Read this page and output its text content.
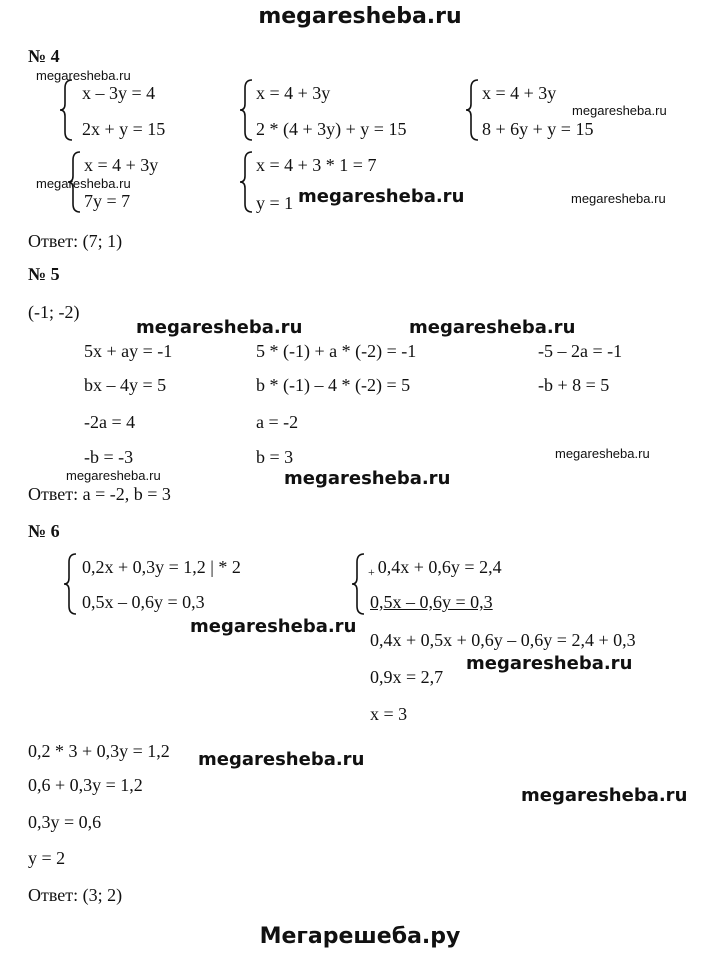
megaresheba.ru
№ 4
x – 3y = 4
2x + y = 15
x = 4 + 3y
2 * (4 + 3y) + y = 15
x = 4 + 3y
8 + 6y + y = 15
x = 4 + 3y
7y = 7
x = 4 + 3 * 1 = 7
y = 1
Ответ: (7; 1)
№ 5
(-1; -2)
5x + ay = -1
bx – 4y = 5
-2a = 4
-b = -3
5 * (-1) + a * (-2) = -1
b * (-1) – 4 * (-2) = 5
a = -2
b = 3
-5 – 2a = -1
-b + 8 = 5
Ответ: a = -2, b = 3
№ 6
0,2x + 0,3y = 1,2 | * 2
0,5x – 0,6y = 0,3
+ 0,4x + 0,6y = 2,4
0,5x – 0,6y = 0,3
0,4x + 0,5x + 0,6y – 0,6y = 2,4 + 0,3
0,9x = 2,7
x = 3
0,2 * 3 + 0,3y = 1,2
0,6 + 0,3y = 1,2
0,3y = 0,6
y = 2
Ответ: (3; 2)
megaresheba.ru
megaresheba.ru
megaresheba.ru
megaresheba.ru	megaresheba.ru
megaresheba.ru	megaresheba.ru
megaresheba.ru
megaresheba.ru	megaresheba.ru
megaresheba.ru
megaresheba.ru
megaresheba.ru
megaresheba.ru
Мегарешеба.ру
